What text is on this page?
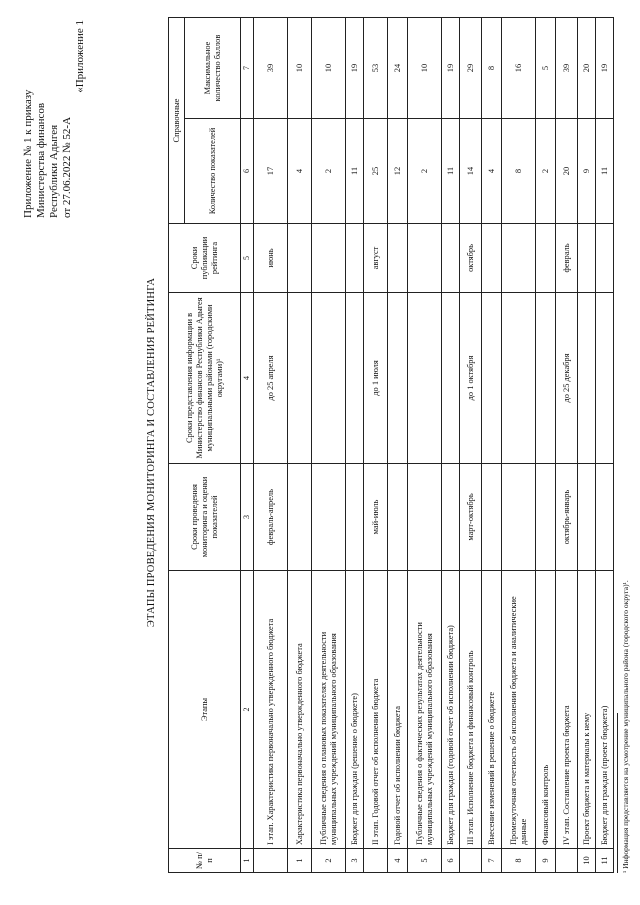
Приложение № 1 к приказу Министерства финансов Республики Адыгея от 27.06.2022 № 52-А
«Приложение 1
ЭТАПЫ ПРОВЕДЕНИЯ МОНИТОРИНГА И СОСТАВЛЕНИЯ РЕЙТИНГА
№ п/п	Этапы	Сроки проведения мониторинга и оценки показателей	Сроки представления информации в Министерство финансов Республики Адыгея муниципальными районами (городскими округами)¹	Сроки публикации рейтинга	Справочные	
					Количество показателей	Максимальное количество баллов
1	2	3	4	5	6	7
	I этап. Характеристика первоначально утвержденного бюджета	февраль-апрель	до 25 апреля	июнь	17	39
1	Характеристика первоначально утвержденного бюджета				4	10
2	Публичные сведения о плановых показателях деятельности муниципальных учреждений муниципального образования				2	10
3	Бюджет для граждан (решение о бюджете)				11	19
	II этап. Годовой отчет об исполнении бюджета	май-июль	до 1 июля	август	25	53
4	Годовой отчет об исполнении бюджета				12	24
5	Публичные сведения о фактических результатах деятельности муниципальных учреждений муниципального образования				2	10
6	Бюджет для граждан (годовой отчет об исполнении бюджета)				11	19
	III этап. Исполнение бюджета и финансовый контроль	март-октябрь	до 1 октября	октябрь	14	29
7	Внесение изменений в решение о бюджете				4	8
8	Промежуточная отчетность об исполнении бюджета и аналитические данные				8	16
9	Финансовый контроль				2	5
	IV этап. Составление проекта бюджета	октябрь-январь	до 25 декабря	февраль	20	39
10	Проект бюджета и материалы к нему				9	20
11	Бюджет для граждан (проект бюджета)				11	19
¹ Информация представляется на усмотрение муниципального района (городского округа)¹.
